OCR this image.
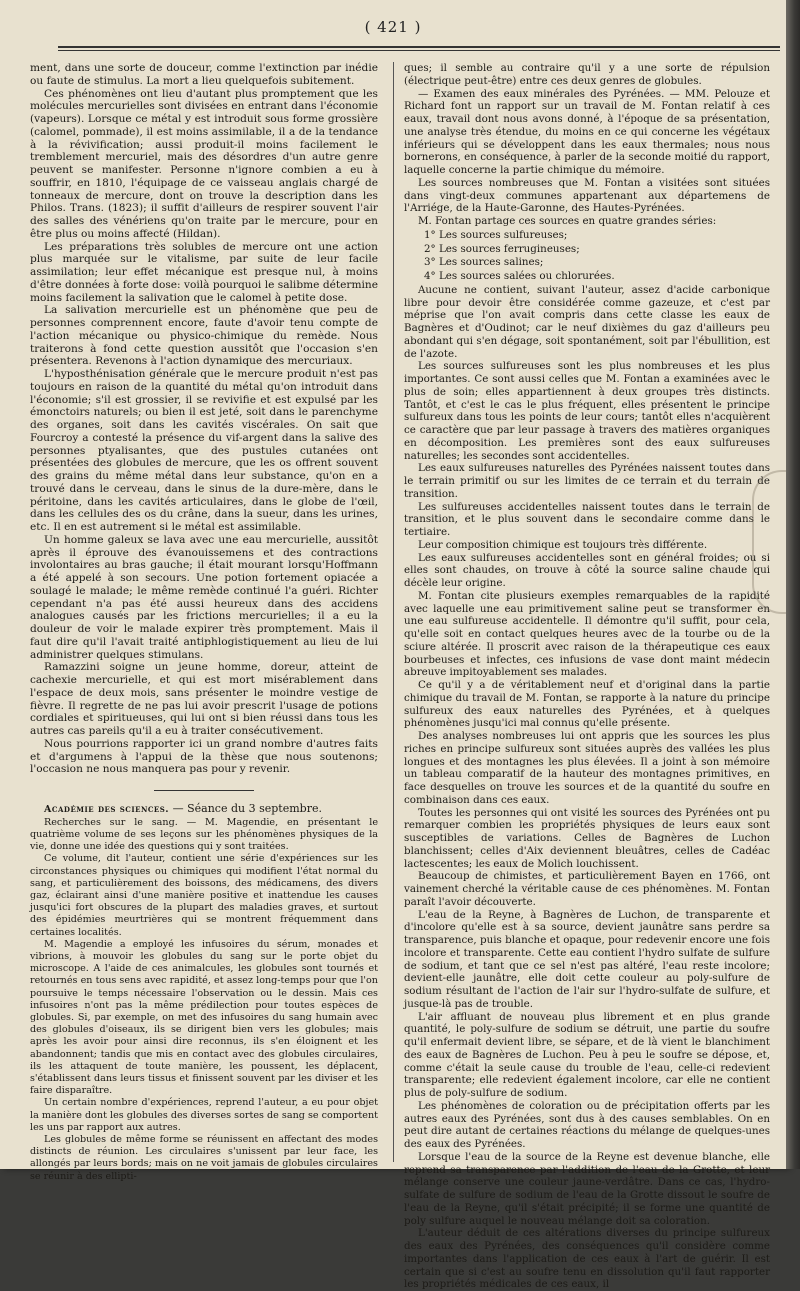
( 421 )

ment, dans une sorte de douceur, comme l'extinction par inédie ou faute de stimulus. La mort a lieu quelquefois subitement.

Ces phénomènes ont lieu d'autant plus promptement que les molécules mercurielles sont divisées en entrant dans l'économie (vapeurs). Lorsque ce métal y est introduit sous forme grossière (calomel, pommade), il est moins assimilable, il a de la tendance à la révivification; aussi produit-il moins facilement le tremblement mercuriel, mais des désordres d'un autre genre peuvent se manifester. Personne n'ignore combien a eu à souffrir, en 1810, l'équipage de ce vaisseau anglais chargé de tonneaux de mercure, dont on trouve la description dans les Philos. Trans. (1823); il suffit d'ailleurs de respirer souvent l'air des salles des vénériens qu'on traite par le mercure, pour en être plus ou moins affecté (Hildan).

Les préparations très solubles de mercure ont une action plus marquée sur le vitalisme, par suite de leur facile assimilation; leur effet mécanique est presque nul, à moins d'être données à forte dose: voilà pourquoi le salibme détermine moins facilement la salivation que le calomel à petite dose.

La salivation mercurielle est un phénomène que peu de personnes comprennent encore, faute d'avoir tenu compte de l'action mécanique ou physico-chimique du remède. Nous traiterons à fond cette question aussitôt que l'occasion s'en présentera. Revenons à l'action dynamique des mercuriaux.

L'hyposthénisation générale que le mercure produit n'est pas toujours en raison de la quantité du métal qu'on introduit dans l'économie; s'il est grossier, il se revivifie et est expulsé par les émonctoirs naturels; ou bien il est jeté, soit dans le parenchyme des organes, soit dans les cavités viscérales. On sait que Fourcroy a contesté la présence du vif-argent dans la salive des personnes ptyalisantes, que des pustules cutanées ont présentées des globules de mercure, que les os offrent souvent des grains du même métal dans leur substance, qu'on en a trouvé dans le cerveau, dans le sinus de la dure-mère, dans le péritoine, dans les cavités articulaires, dans le globe de l'œil, dans les cellules des os du crâne, dans la sueur, dans les urines, etc. Il en est autrement si le métal est assimilable.

Un homme galeux se lava avec une eau mercurielle, aussitôt après il éprouve des évanouissemens et des contractions involontaires au bras gauche; il était mourant lorsqu'Hoffmann a été appelé à son secours. Une potion fortement opiacée a soulagé le malade; le même remède continué l'a guéri. Richter cependant n'a pas été aussi heureux dans des accidens analogues causés par les frictions mercurielles; il a eu la douleur de voir le malade expirer très promptement. Mais il faut dire qu'il l'avait traité antiphlogistiquement au lieu de lui administrer quelques stimulans.

Ramazzini soigne un jeune homme, doreur, atteint de cachexie mercurielle, et qui est mort misérablement dans l'espace de deux mois, sans présenter le moindre vestige de fièvre. Il regrette de ne pas lui avoir prescrit l'usage de potions cordiales et spiritueuses, qui lui ont si bien réussi dans tous les autres cas pareils qu'il a eu à traiter consécutivement.

Nous pourrions rapporter ici un grand nombre d'autres faits et d'argumens à l'appui de la thèse que nous soutenons; l'occasion ne nous manquera pas pour y revenir.

Académie des sciences. — Séance du 3 septembre.

Recherches sur le sang. — M. Magendie, en présentant le quatrième volume de ses leçons sur les phénomènes physiques de la vie, donne une idée des questions qui y sont traitées.

Ce volume, dit l'auteur, contient une série d'expériences sur les circonstances physiques ou chimiques qui modifient l'état normal du sang, et particulièrement des boissons, des médicamens, des divers gaz, éclairant ainsi d'une manière positive et inattendue les causes jusqu'ici fort obscures de la plupart des maladies graves, et surtout des épidémies meurtrières qui se montrent fréquemment dans certaines localités.

M. Magendie a employé les infusoires du sérum, monades et vibrions, à mouvoir les globules du sang sur le porte objet du microscope. A l'aide de ces animalcules, les globules sont tournés et retournés en tous sens avec rapidité, et assez long-temps pour que l'on poursuive le temps nécessaire l'observation ou le dessin. Mais ces infusoires n'ont pas la même prédilection pour toutes espèces de globules. Si, par exemple, on met des infusoires du sang humain avec des globules d'oiseaux, ils se dirigent bien vers les globules; mais après les avoir pour ainsi dire reconnus, ils s'en éloignent et les abandonnent; tandis que mis en contact avec des globules circulaires, ils les attaquent de toute manière, les poussent, les déplacent, s'établissent dans leurs tissus et finissent souvent par les diviser et les faire disparaître.

Un certain nombre d'expériences, reprend l'auteur, a eu pour objet la manière dont les globules des diverses sortes de sang se comportent les uns par rapport aux autres.

Les globules de même forme se réunissent en affectant des modes distincts de réunion. Les circulaires s'unissent par leur face, les allongés par leurs bords; mais on ne voit jamais de globules circulaires se réunir à des ellipti-

ques; il semble au contraire qu'il y a une sorte de répulsion (électrique peut-être) entre ces deux genres de globules.

— Examen des eaux minérales des Pyrénées. — MM. Pelouze et Richard font un rapport sur un travail de M. Fontan relatif à ces eaux, travail dont nous avons donné, à l'époque de sa présentation, une analyse très étendue, du moins en ce qui concerne les végétaux inférieurs qui se développent dans les eaux thermales; nous nous bornerons, en conséquence, à parler de la seconde moitié du rapport, laquelle concerne la partie chimique du mémoire.

Les sources nombreuses que M. Fontan a visitées sont situées dans vingt-deux communes appartenant aux départemens de l'Arriége, de la Haute-Garonne, des Hautes-Pyrénées.

M. Fontan partage ces sources en quatre grandes séries:

1° Les sources sulfureuses;

2° Les sources ferrugineuses;

3° Les sources salines;

4° Les sources salées ou chlorurées.

Aucune ne contient, suivant l'auteur, assez d'acide carbonique libre pour devoir être considérée comme gazeuze, et c'est par méprise que l'on avait compris dans cette classe les eaux de Bagnères et d'Oudinot; car le neuf dixièmes du gaz d'ailleurs peu abondant qui s'en dégage, soit spontanément, soit par l'ébullition, est de l'azote.

Les sources sulfureuses sont les plus nombreuses et les plus importantes. Ce sont aussi celles que M. Fontan a examinées avec le plus de soin; elles appartiennent à deux groupes très distincts. Tantôt, et c'est le cas le plus fréquent, elles présentent le principe sulfureux dans tous les points de leur cours; tantôt elles n'acquièrent ce caractère que par leur passage à travers des matières organiques en décomposition. Les premières sont des eaux sulfureuses naturelles; les secondes sont accidentelles.

Les eaux sulfureuses naturelles des Pyrénées naissent toutes dans le terrain primitif ou sur les limites de ce terrain et du terrain de transition.

Les sulfureuses accidentelles naissent toutes dans le terrain de transition, et le plus souvent dans le secondaire comme dans le tertiaire.

Leur composition chimique est toujours très différente.

Les eaux sulfureuses accidentelles sont en général froides; ou si elles sont chaudes, on trouve à côté la source saline chaude qui décèle leur origine.

M. Fontan cite plusieurs exemples remarquables de la rapidité avec laquelle une eau primitivement saline peut se transformer en une eau sulfureuse accidentelle. Il démontre qu'il suffit, pour cela, qu'elle soit en contact quelques heures avec de la tourbe ou de la sciure altérée. Il proscrit avec raison de la thérapeutique ces eaux bourbeuses et infectes, ces infusions de vase dont maint médecin abreuve impitoyablement ses malades.

Ce qu'il y a de véritablement neuf et d'original dans la partie chimique du travail de M. Fontan, se rapporte à la nature du principe sulfureux des eaux naturelles des Pyrénées, et à quelques phénomènes jusqu'ici mal connus qu'elle présente.

Des analyses nombreuses lui ont appris que les sources les plus riches en principe sulfureux sont situées auprès des vallées les plus longues et des montagnes les plus élevées. Il a joint à son mémoire un tableau comparatif de la hauteur des montagnes primitives, en face desquelles on trouve les sources et de la quantité du soufre en combinaison dans ces eaux.

Toutes les personnes qui ont visité les sources des Pyrénées ont pu remarquer combien les propriétés physiques de leurs eaux sont susceptibles de variations. Celles de Bagnères de Luchon blanchissent; celles d'Aix deviennent bleuâtres, celles de Cadéac lactescentes; les eaux de Molich louchissent.

Beaucoup de chimistes, et particulièrement Bayen en 1766, ont vainement cherché la véritable cause de ces phénomènes. M. Fontan paraît l'avoir découverte.

L'eau de la Reyne, à Bagnères de Luchon, de transparente et d'incolore qu'elle est à sa source, devient jaunâtre sans perdre sa transparence, puis blanche et opaque, pour redevenir encore une fois incolore et transparente. Cette eau contient l'hydro sulfate de sulfure de sodium, et tant que ce sel n'est pas altéré, l'eau reste incolore; devient-elle jaunâtre, elle doit cette couleur au poly-sulfure de sodium résultant de l'action de l'air sur l'hydro-sulfate de sulfure, et jusque-là pas de trouble.

L'air affluant de nouveau plus librement et en plus grande quantité, le poly-sulfure de sodium se détruit, une partie du soufre qu'il enfermait devient libre, se sépare, et de là vient le blanchiment des eaux de Bagnères de Luchon. Peu à peu le soufre se dépose, et, comme c'était la seule cause du trouble de l'eau, celle-ci redevient transparente; elle redevient également incolore, car elle ne contient plus de poly-sulfure de sodium.

Les phénomènes de coloration ou de précipitation offerts par les autres eaux des Pyrénées, sont dus à des causes semblables. On en peut dire autant de certaines réactions du mélange de quelques-unes des eaux des Pyrénées.

Lorsque l'eau de la source de la Reyne est devenue blanche, elle reprend sa transparence par l'addition de l'eau de la Grotte, et leur mélange conserve une couleur jaune-verdâtre. Dans ce cas, l'hydro-sulfate de sulfure de sodium de l'eau de la Grotte dissout le soufre de l'eau de la Reyne, qu'il s'était précipité; il se forme une quantité de poly sulfure auquel le nouveau mélange doit sa coloration.

L'auteur déduit de ces altérations diverses du principe sulfureux des eaux des Pyrénées, des conséquences qu'il considère comme importantes dans l'application de ces eaux à l'art de guérir. Il est certain que si c'est au soufre tenu en dissolution qu'il faut rapporter les propriétés médicales de ces eaux, il
